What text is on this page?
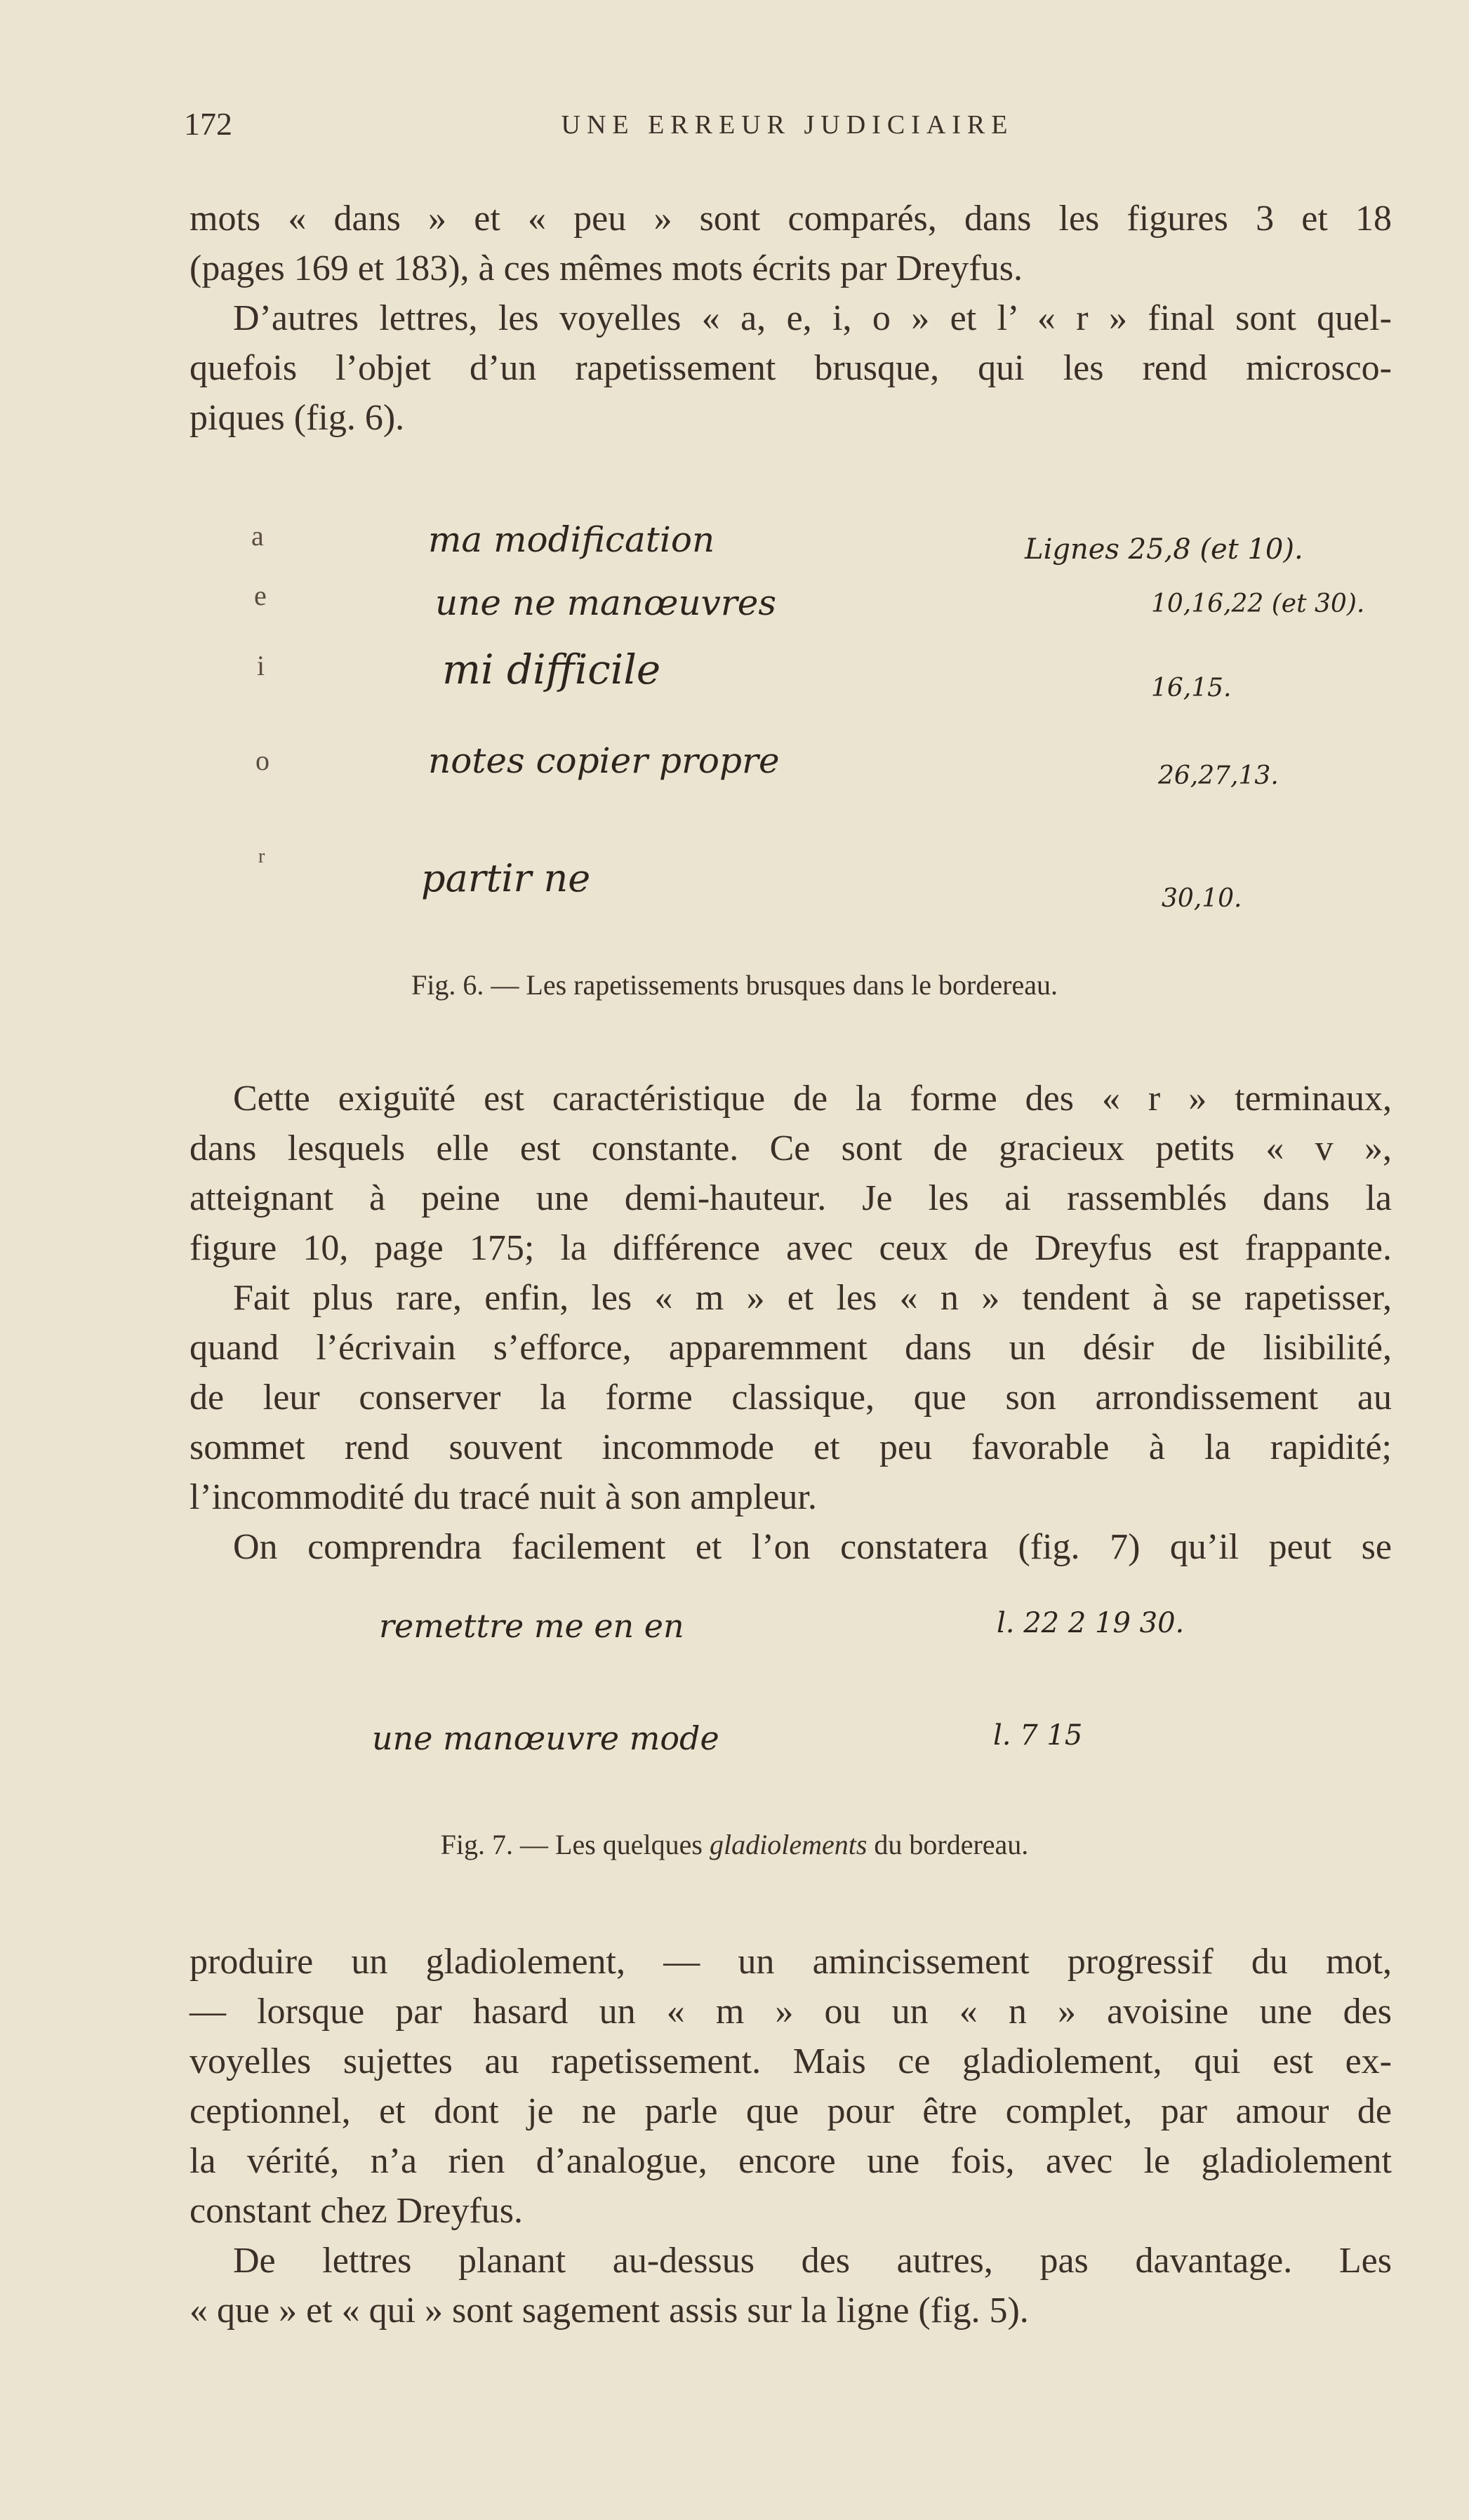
172	UNE ERREUR JUDICIAIRE
mots « dans » et « peu » sont comparés, dans les figures 3 et 18
(pages 169 et 183), à ces mêmes mots écrits par Dreyfus.
D’autres lettres, les voyelles « a, e, i, o » et l’ « r » final sont quel-
quefois l’objet d’un rapetissement brusque, qui les rend microsco-
piques (fig. 6).
a	ma modification	Lignes 25,8 (et 10).
e	une ne manœuvres	10,16,22 (et 30).
i	mi difficile	16,15.
o	notes copier propre	26,27,13.
r	partir ne	30,10.
Fig. 6. — Les rapetissements brusques dans le bordereau.
Cette exiguïté est caractéristique de la forme des « r » terminaux,
dans lesquels elle est constante. Ce sont de gracieux petits « v »,
atteignant à peine une demi-hauteur. Je les ai rassemblés dans la
figure 10, page 175; la différence avec ceux de Dreyfus est frappante.
Fait plus rare, enfin, les « m » et les « n » tendent à se rapetisser,
quand l’écrivain s’efforce, apparemment dans un désir de lisibilité,
de leur conserver la forme classique, que son arrondissement au
sommet rend souvent incommode et peu favorable à la rapidité;
l’incommodité du tracé nuit à son ampleur.
On comprendra facilement et l’on constatera (fig. 7) qu’il peut se
remettre me en en	l. 22 2 19 30.
une manœuvre mode	l. 7 15
Fig. 7. — Les quelques gladiolements du bordereau.
produire un gladiolement, — un amincissement progressif du mot,
— lorsque par hasard un « m » ou un « n » avoisine une des
voyelles sujettes au rapetissement. Mais ce gladiolement, qui est ex-
ceptionnel, et dont je ne parle que pour être complet, par amour de
la vérité, n’a rien d’analogue, encore une fois, avec le gladiolement
constant chez Dreyfus.
De lettres planant au-dessus des autres, pas davantage. Les
« que » et « qui » sont sagement assis sur la ligne (fig. 5).
